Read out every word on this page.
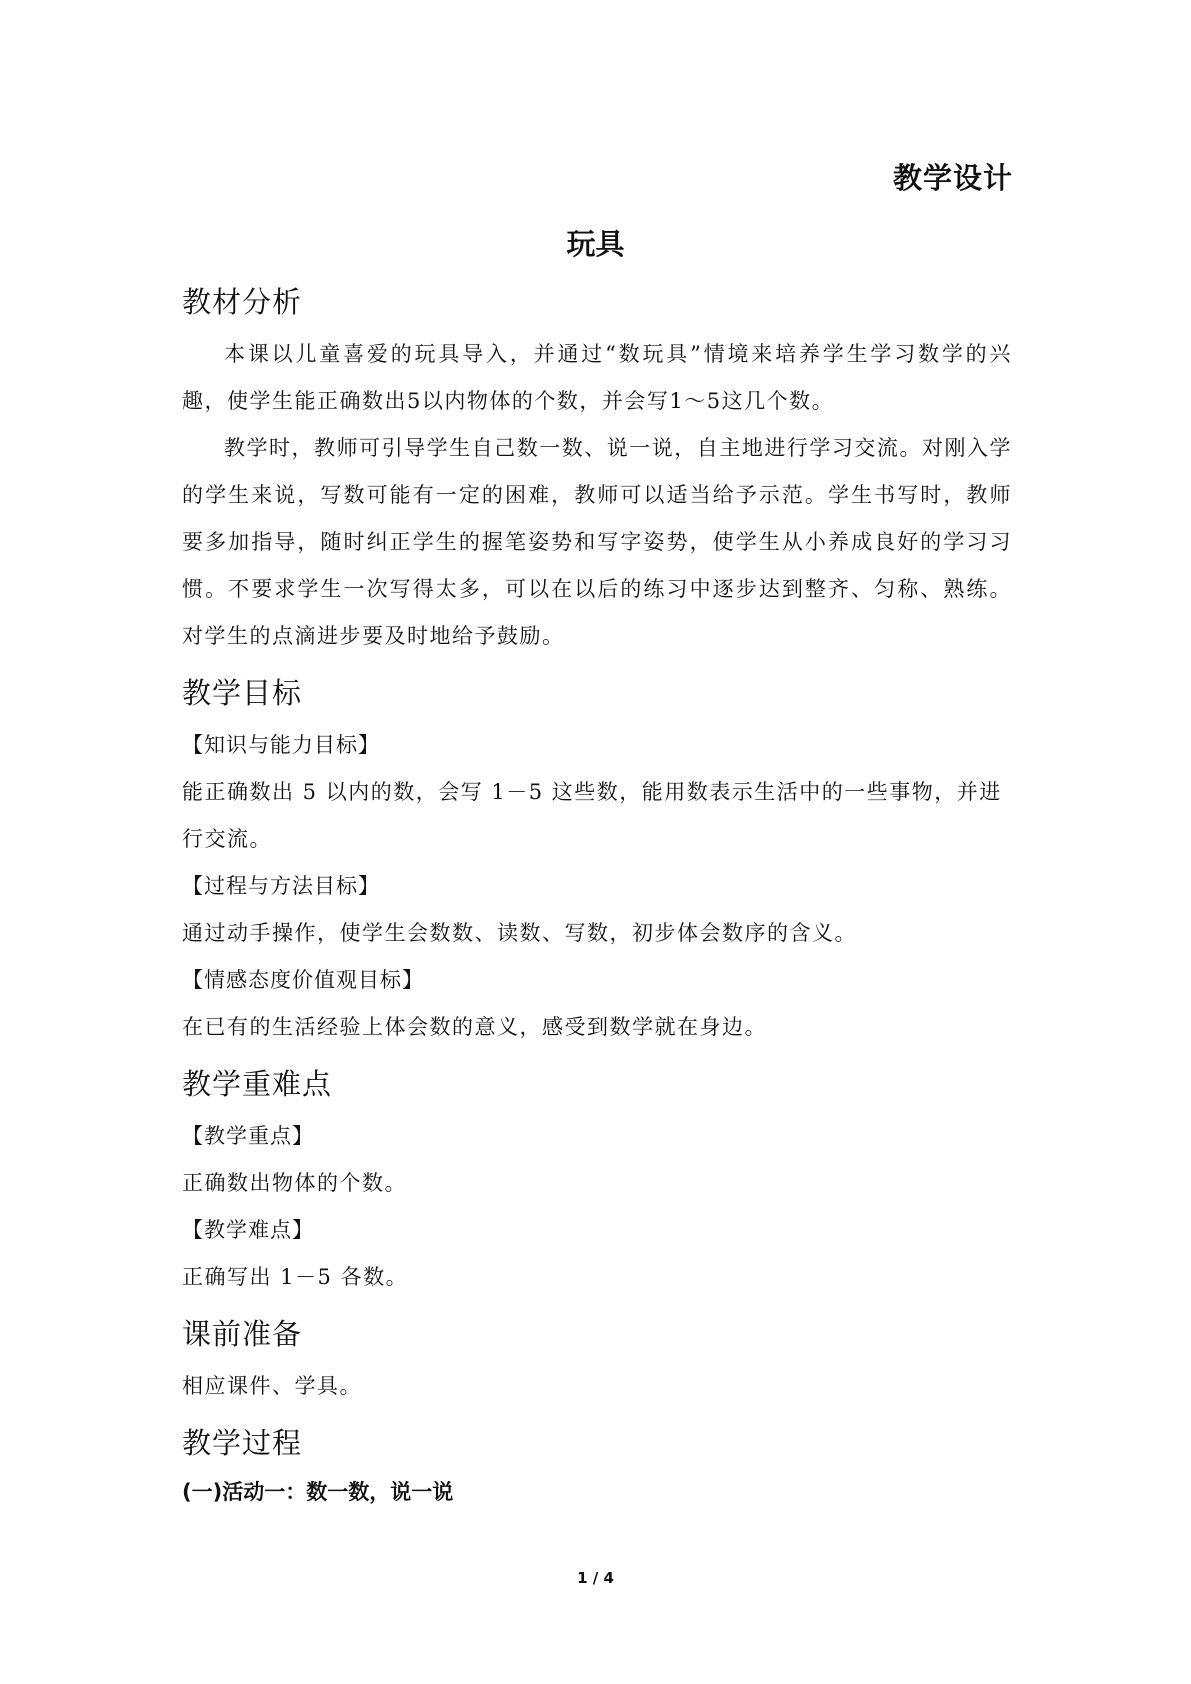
教学设计
玩具
教材分析

本课以儿童喜爱的玩具导入，并通过“数玩具”情境来培养学生学习数学的兴趣，使学生能正确数出5以内物体的个数，并会写1～5这几个数。

教学时，教师可引导学生自己数一数、说一说，自主地进行学习交流。对刚入学的学生来说，写数可能有一定的困难，教师可以适当给予示范。学生书写时，教师要多加指导，随时纠正学生的握笔姿势和写字姿势，使学生从小养成良好的学习习惯。不要求学生一次写得太多，可以在以后的练习中逐步达到整齐、匀称、熟练。对学生的点滴进步要及时地给予鼓励。

教学目标

【知识与能力目标】

能正确数出 5 以内的数，会写 1－5 这些数，能用数表示生活中的一些事物，并进行交流。

【过程与方法目标】

通过动手操作，使学生会数数、读数、写数，初步体会数序的含义。

【情感态度价值观目标】

在已有的生活经验上体会数的意义，感受到数学就在身边。

教学重难点

【教学重点】

正确数出物体的个数。

【教学难点】

正确写出 1－5 各数。

课前准备

相应课件、学具。

教学过程

(一)活动一：数一数，说一说

1 / 4
